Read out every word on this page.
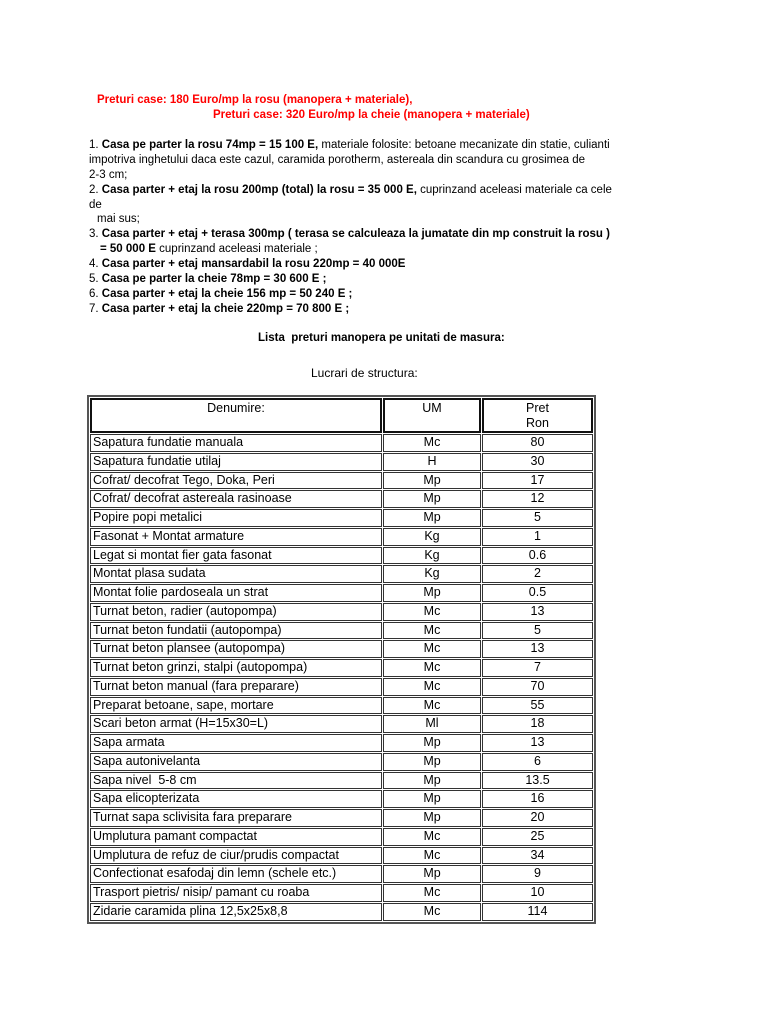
Preturi case: 180 Euro/mp la rosu (manopera + materiale),
Preturi case: 320 Euro/mp la cheie (manopera + materiale)
1. Casa pe parter la rosu 74mp = 15 100 E, materiale folosite: betoane mecanizate din statie, culianti
impotriva inghetului daca este cazul, caramida porotherm, astereala din scandura cu grosimea de
2-3 cm;
2. Casa parter + etaj la rosu 200mp (total) la rosu = 35 000 E, cuprinzand aceleasi materiale ca cele
de
mai sus;
3. Casa parter + etaj + terasa 300mp ( terasa se calculeaza la jumatate din mp construit la rosu )
= 50 000 E cuprinzand aceleasi materiale ;
4. Casa parter + etaj mansardabil la rosu 220mp = 40 000E
5. Casa pe parter la cheie 78mp = 30 600 E ;
6. Casa parter + etaj la cheie 156 mp = 50 240 E ;
7. Casa parter + etaj la cheie 220mp = 70 800 E ;
Lista  preturi manopera pe unitati de masura:
Lucrari de structura:
Denumire:	UM	Pret
Ron

Sapatura fundatie manuala	Mc	80
Sapatura fundatie utilaj	H	30
Cofrat/ decofrat Tego, Doka, Peri	Mp	17
Cofrat/ decofrat astereala rasinoase	Mp	12
Popire popi metalici	Mp	5
Fasonat + Montat armature	Kg	1
Legat si montat fier gata fasonat	Kg	0.6
Montat plasa sudata	Kg	2
Montat folie pardoseala un strat	Mp	0.5
Turnat beton, radier (autopompa)	Mc	13
Turnat beton fundatii (autopompa)	Mc	5
Turnat beton plansee (autopompa)	Mc	13
Turnat beton grinzi, stalpi (autopompa)	Mc	7
Turnat beton manual (fara preparare)	Mc	70
Preparat betoane, sape, mortare	Mc	55
Scari beton armat (H=15x30=L)	Ml	18
Sapa armata	Mp	13
Sapa autonivelanta	Mp	6
Sapa nivel  5-8 cm	Mp	13.5
Sapa elicopterizata	Mp	16
Turnat sapa sclivisita fara preparare	Mp	20
Umplutura pamant compactat	Mc	25
Umplutura de refuz de ciur/prudis compactat	Mc	34
Confectionat esafodaj din lemn (schele etc.)	Mp	9
Trasport pietris/ nisip/ pamant cu roaba	Mc	10
Zidarie caramida plina 12,5x25x8,8	Mc	114
